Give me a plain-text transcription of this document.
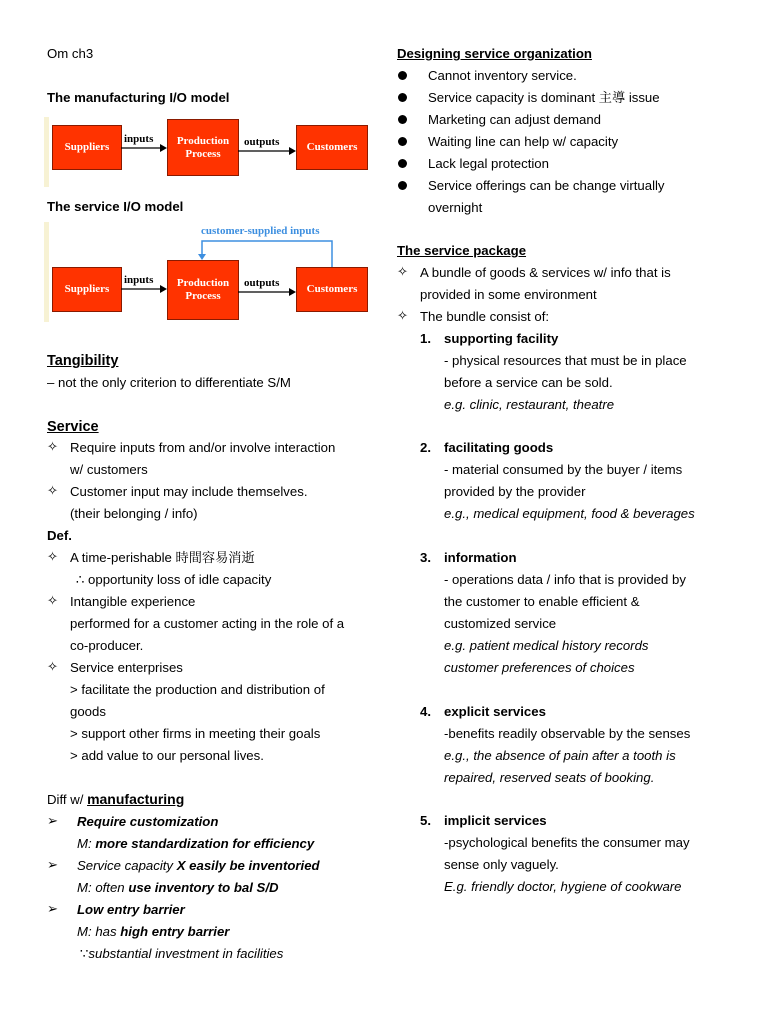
Om ch3
The manufacturing I/O model
Suppliers
Production
Process
Customers
inputs	outputs
The service I/O model
Suppliers	Production
Process
Customers
inputs	outputs
customer-supplied inputs
Tangibility
– not the only criterion to differentiate S/M
Service
✧ Require inputs from and/or involve interaction
w/ customers
✧ Customer input may include themselves.
(their belonging / info)
Def.
✧ A time-perishable 時間容易消逝
∴ opportunity loss of idle capacity
✧ Intangible experience
performed for a customer acting in the role of a
co-producer.
✧ Service enterprises
> facilitate the production and distribution of
goods
> support other firms in meeting their goals
> add value to our personal lives.
Diff w/ manufacturing
➢ Require customization
M: more standardization for efficiency
➢ Service capacity X easily be inventoried
M: often use inventory to bal S/D
➢ Low entry barrier
M: has high entry barrier
∵substantial investment in facilities
Designing service organization
Cannot inventory service.
Service capacity is dominant 主導 issue
Marketing can adjust demand
Waiting line can help w/ capacity
Lack legal protection
Service offerings can be change virtually
overnight
The service package
✧ A bundle of goods & services w/ info that is
provided in some environment
✧ The bundle consist of:
1. supporting facility
- physical resources that must be in place
before a service can be sold.
e.g. clinic, restaurant, theatre
2. facilitating goods
- material consumed by the buyer / items
provided by the provider
e.g., medical equipment, food & beverages
3. information
- operations data / info that is provided by
the customer to enable efficient &
customized service
e.g. patient medical history records
customer preferences of choices
4. explicit services
-benefits readily observable by the senses
e.g., the absence of pain after a tooth is
repaired, reserved seats of booking.
5. implicit services
-psychological benefits the consumer may
sense only vaguely.
E.g. friendly doctor, hygiene of cookware
